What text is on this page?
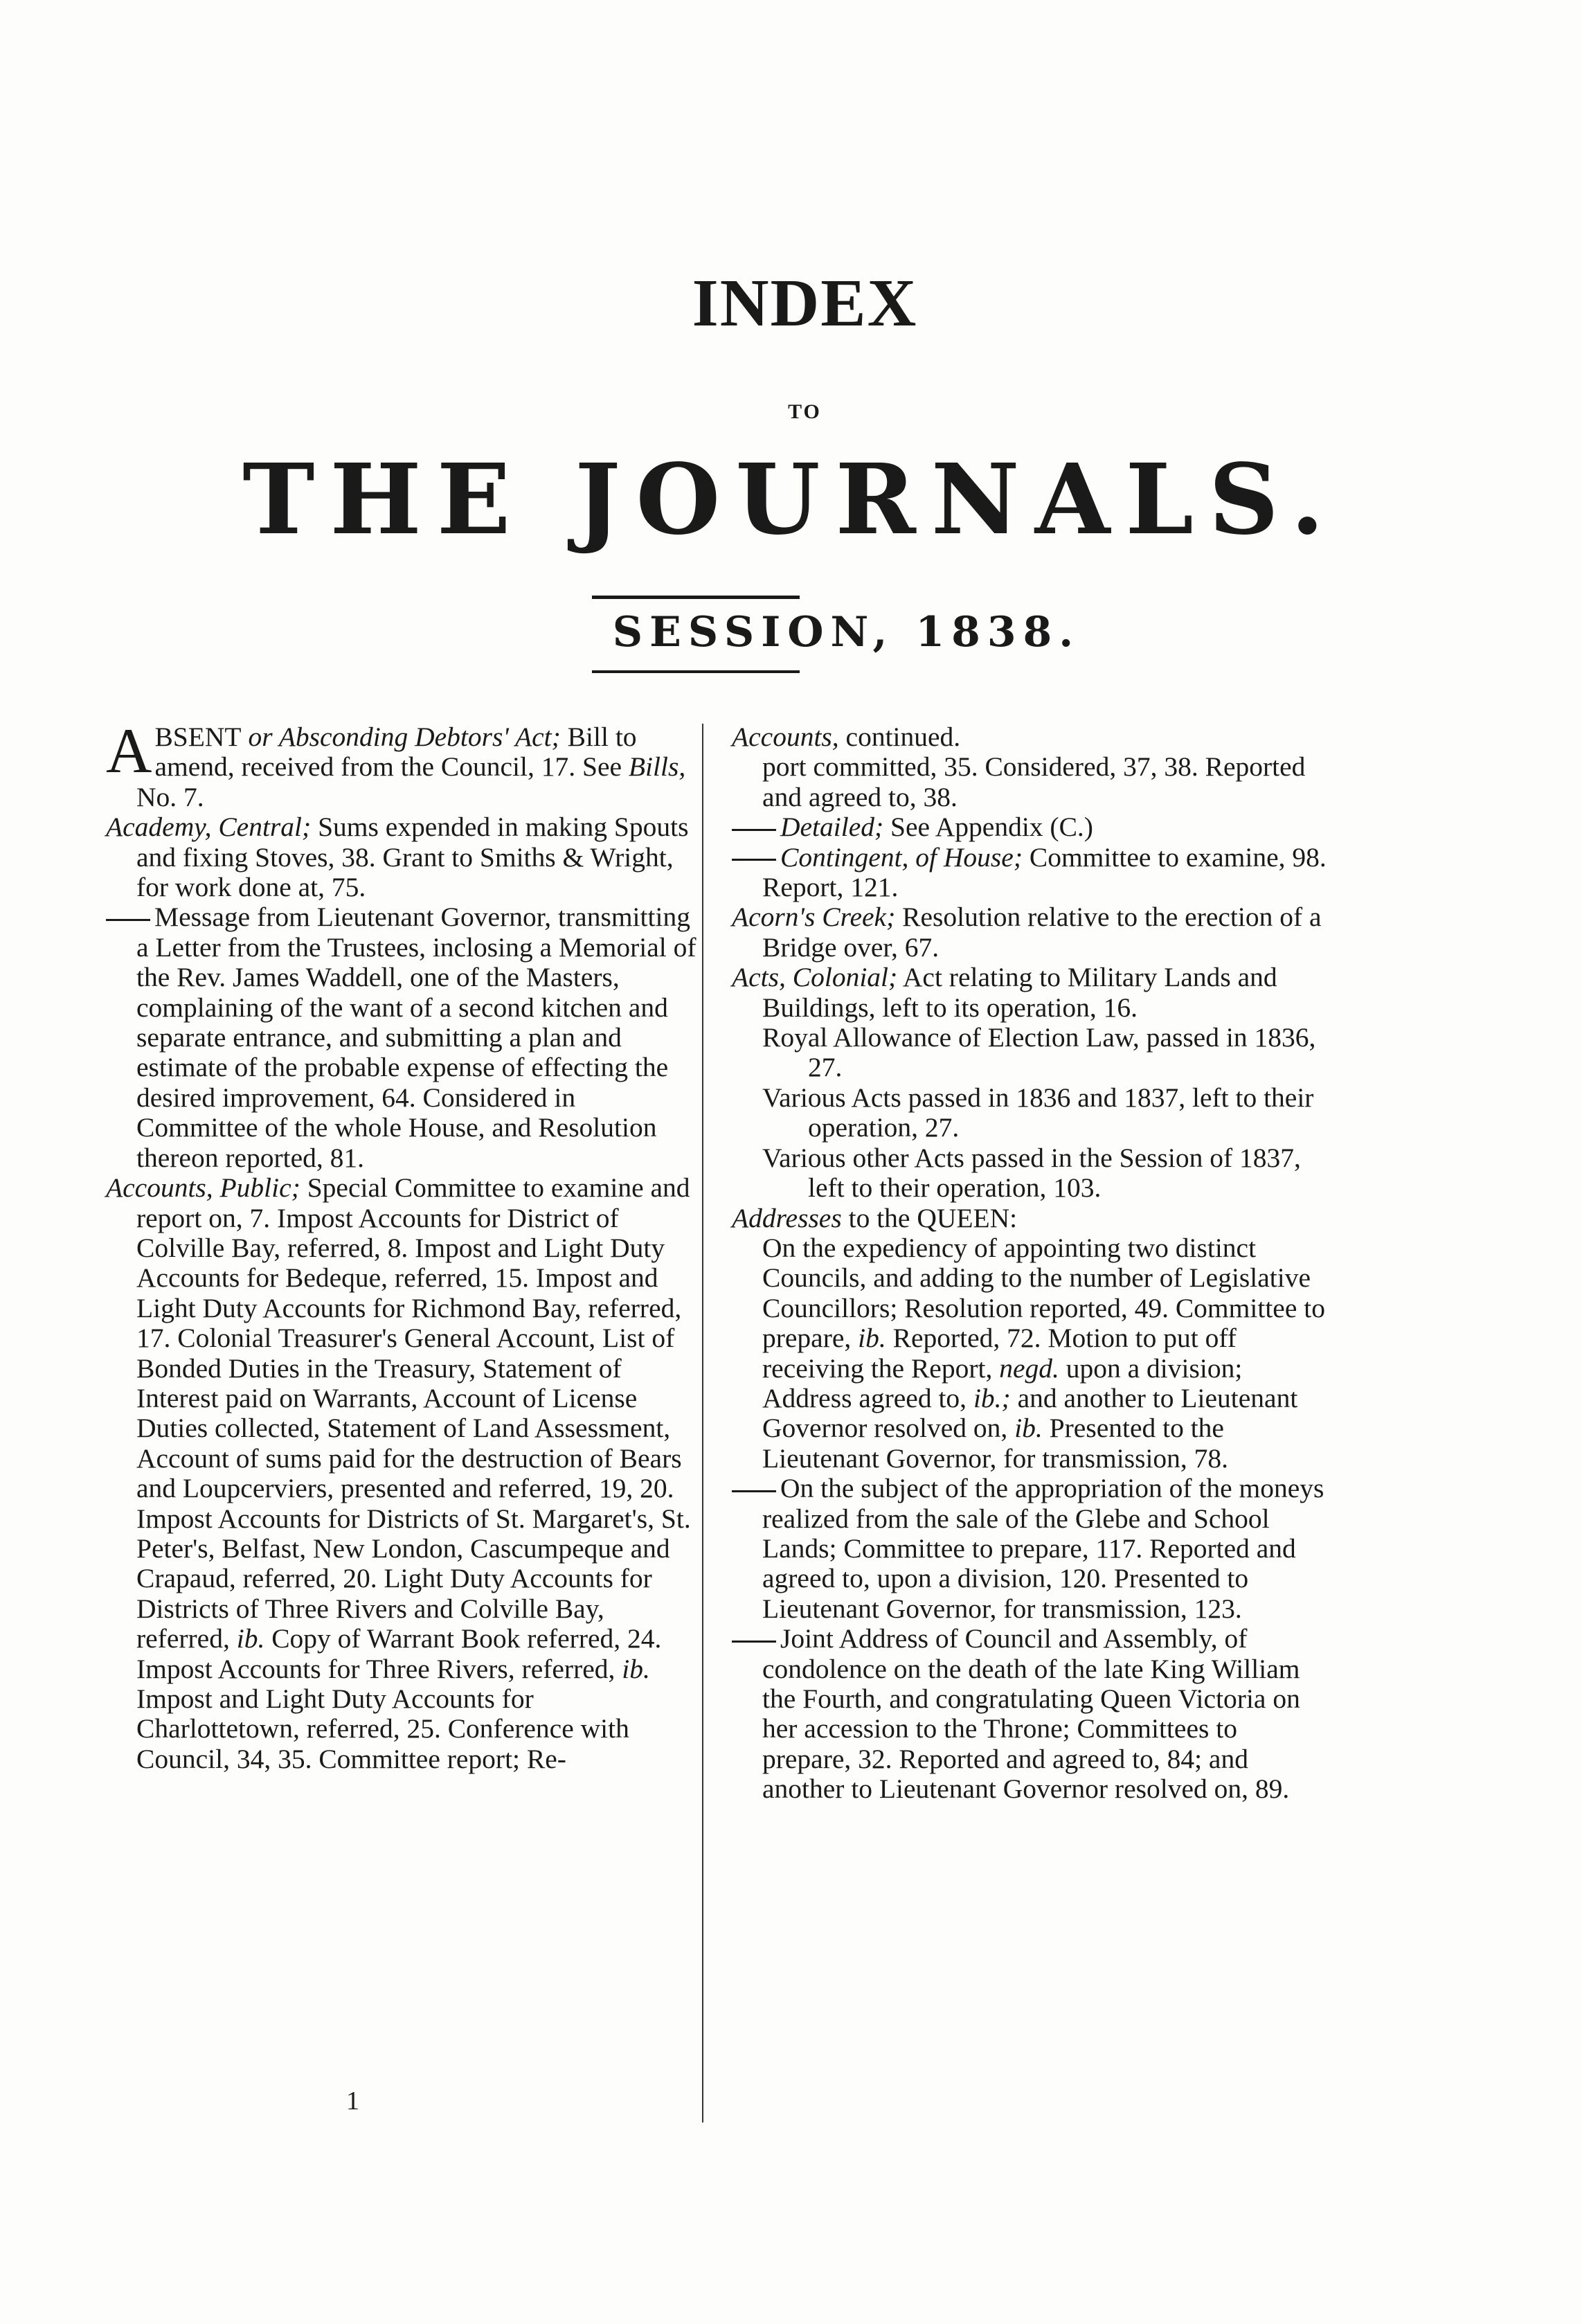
INDEX
TO
THE JOURNALS.
SESSION, 1838.

ABSENT or Absconding Debtors' Act; Bill to amend, received from the Council, 17. See Bills, No. 7.

Academy, Central; Sums expended in making Spouts and fixing Stoves, 38. Grant to Smiths & Wright, for work done at, 75.

Message from Lieutenant Governor, transmitting a Letter from the Trustees, inclosing a Memorial of the Rev. James Waddell, one of the Masters, complaining of the want of a second kitchen and separate entrance, and submitting a plan and estimate of the probable expense of effecting the desired improvement, 64. Considered in Committee of the whole House, and Resolution thereon reported, 81.

Accounts, Public; Special Committee to examine and report on, 7. Impost Accounts for District of Colville Bay, referred, 8. Impost and Light Duty Accounts for Bedeque, referred, 15. Impost and Light Duty Accounts for Richmond Bay, referred, 17. Colonial Treasurer's General Account, List of Bonded Duties in the Treasury, Statement of Interest paid on Warrants, Account of License Duties collected, Statement of Land Assessment, Account of sums paid for the destruction of Bears and Loupcerviers, presented and referred, 19, 20. Impost Accounts for Districts of St. Margaret's, St. Peter's, Belfast, New London, Cascumpeque and Crapaud, referred, 20. Light Duty Accounts for Districts of Three Rivers and Colville Bay, referred, ib. Copy of Warrant Book referred, 24. Impost Accounts for Three Rivers, referred, ib. Impost and Light Duty Accounts for Charlottetown, referred, 25. Conference with Council, 34, 35. Committee report; Re-

Accounts, continued.

port committed, 35. Considered, 37, 38. Reported and agreed to, 38.

Detailed; See Appendix (C.)

Contingent, of House; Committee to examine, 98. Report, 121.

Acorn's Creek; Resolution relative to the erection of a Bridge over, 67.

Acts, Colonial; Act relating to Military Lands and Buildings, left to its operation, 16.

Royal Allowance of Election Law, passed in 1836, 27.

Various Acts passed in 1836 and 1837, left to their operation, 27.

Various other Acts passed in the Session of 1837, left to their operation, 103.

Addresses to the QUEEN:

On the expediency of appointing two distinct Councils, and adding to the number of Legislative Councillors; Resolution reported, 49. Committee to prepare, ib. Reported, 72. Motion to put off receiving the Report, negd. upon a division; Address agreed to, ib.; and another to Lieutenant Governor resolved on, ib. Presented to the Lieutenant Governor, for transmission, 78.

On the subject of the appropriation of the moneys realized from the sale of the Glebe and School Lands; Committee to prepare, 117. Reported and agreed to, upon a division, 120. Presented to Lieutenant Governor, for transmission, 123.

Joint Address of Council and Assembly, of condolence on the death of the late King William the Fourth, and congratulating Queen Victoria on her accession to the Throne; Committees to prepare, 32. Reported and agreed to, 84; and another to Lieutenant Governor resolved on, 89.

1
